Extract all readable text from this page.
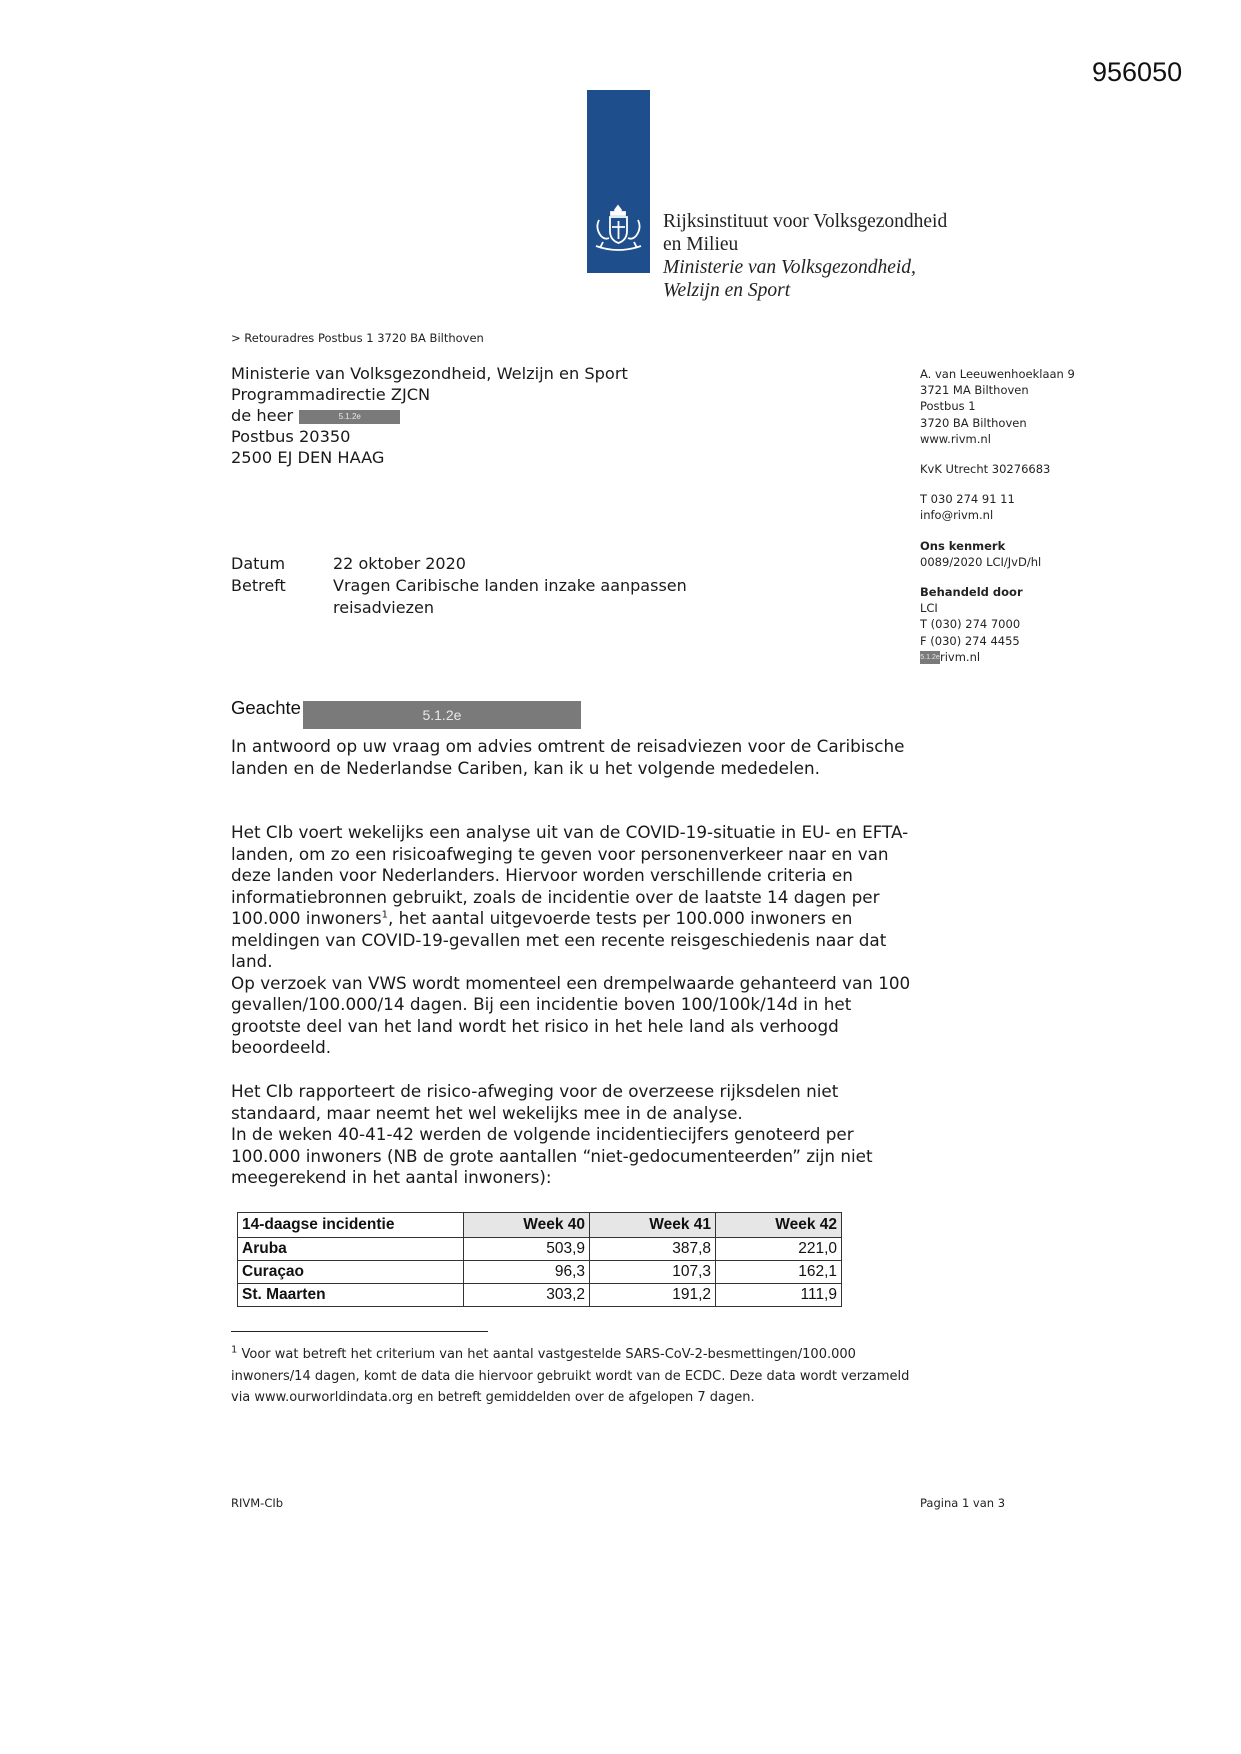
956050
Rijksinstituut voor Volksgezondheid
en Milieu
Ministerie van Volksgezondheid,
Welzijn en Sport
> Retouradres Postbus 1 3720 BA Bilthoven
Ministerie van Volksgezondheid, Welzijn en Sport
Programmadirectie ZJCN
de heer	5.1.2e
Postbus 20350
2500 EJ DEN HAAG
A. van Leeuwenhoeklaan 9
3721 MA Bilthoven
Postbus 1
3720 BA Bilthoven
www.rivm.nl
KvK Utrecht 30276683
T 030 274 91 11
info@rivm.nl
Ons kenmerk
0089/2020 LCI/JvD/hl
Behandeld door
LCI
T (030) 274 7000
F (030) 274 4455
5.1.2erivm.nl
Datum	22 oktober 2020
Betreft	Vragen Caribische landen inzake aanpassen reisadviezen
Geachte	5.1.2e

In antwoord op uw vraag om advies omtrent de reisadviezen voor de Caribische landen en de Nederlandse Cariben, kan ik u het volgende mededelen.

Het CIb voert wekelijks een analyse uit van de COVID-19-situatie in EU- en EFTA-landen, om zo een risicoafweging te geven voor personenverkeer naar en van deze landen voor Nederlanders. Hiervoor worden verschillende criteria en informatiebronnen gebruikt, zoals de incidentie over de laatste 14 dagen per 100.000 inwoners$^1$, het aantal uitgevoerde tests per 100.000 inwoners en meldingen van COVID-19-gevallen met een recente reisgeschiedenis naar dat land.

Op verzoek van VWS wordt momenteel een drempelwaarde gehanteerd van 100 gevallen/100.000/14 dagen. Bij een incidentie boven 100/100k/14d in het grootste deel van het land wordt het risico in het hele land als verhoogd beoordeeld.

Het CIb rapporteert de risico-afweging voor de overzeese rijksdelen niet standaard, maar neemt het wel wekelijks mee in de analyse.

In de weken 40-41-42 werden de volgende incidentiecijfers genoteerd per 100.000 inwoners (NB de grote aantallen “niet-gedocumenteerden” zijn niet meegerekend in het aantal inwoners):

14-daagse incidentie	Week 40	Week 41	Week 42
Aruba	503,9	387,8	221,0
Curaçao	96,3	107,3	162,1
St. Maarten	303,2	191,2	111,9
$^1$ Voor wat betreft het criterium van het aantal vastgestelde SARS-CoV-2-besmettingen/100.000 inwoners/14 dagen, komt de data die hiervoor gebruikt wordt van de ECDC. Deze data wordt verzameld via www.ourworldindata.org en betreft gemiddelden over de afgelopen 7 dagen.
RIVM-CIb	Pagina 1 van 3
